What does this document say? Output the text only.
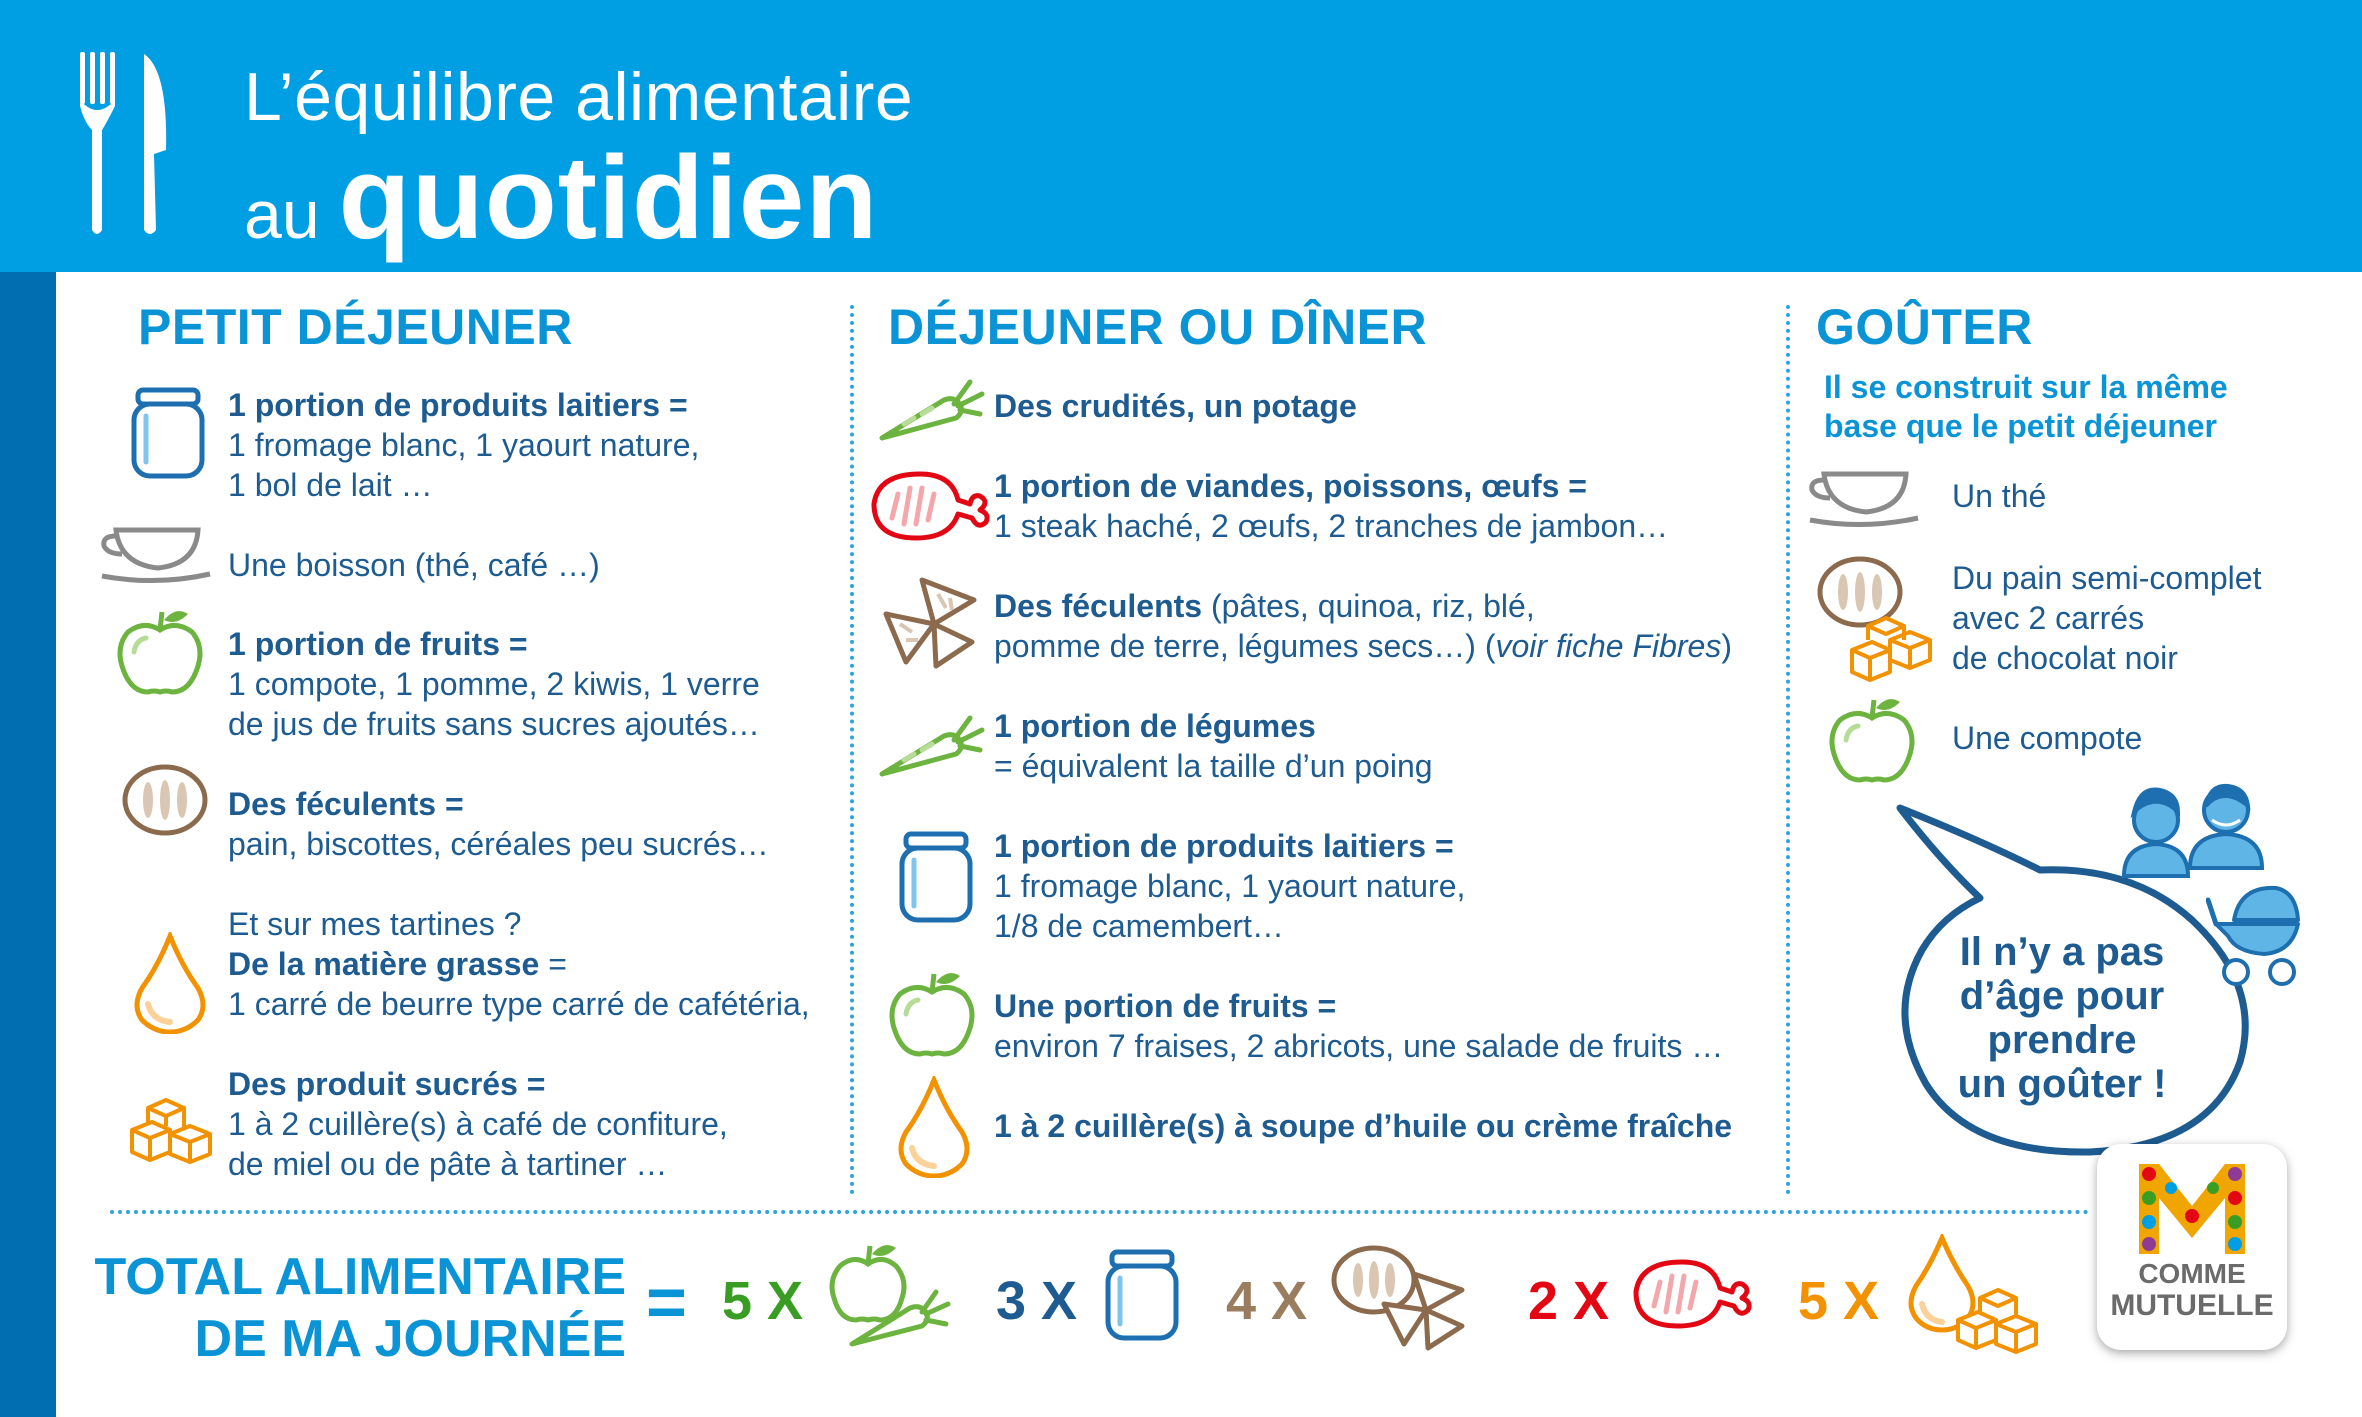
L’équilibre alimentaire
au quotidien
PETIT DÉJEUNER
1 portion de produits laitiers =
1 fromage blanc, 1 yaourt nature,
1 bol de lait …
Une boisson (thé, café …)
1 portion de fruits =
1 compote, 1 pomme, 2 kiwis, 1 verre
de jus de fruits sans sucres ajoutés…
Des féculents =
pain, biscottes, céréales peu sucrés…
Et sur mes tartines ?
De la matière grasse =
1 carré de beurre type carré de cafétéria,
Des produit sucrés =
1 à 2 cuillère(s) à café de confiture,
de miel ou de pâte à tartiner …
DÉJEUNER OU DÎNER
Des crudités, un potage
1 portion de viandes, poissons, œufs =
1 steak haché, 2 œufs, 2 tranches de jambon…
Des féculents (pâtes, quinoa, riz, blé,
pomme de terre, légumes secs…) (voir fiche Fibres)
1 portion de légumes
= équivalent la taille d’un poing
1 portion de produits laitiers =
1 fromage blanc, 1 yaourt nature,
1/8 de camembert…
Une portion de fruits =
environ 7 fraises, 2 abricots, une salade de fruits …
1 à 2 cuillère(s) à soupe d’huile ou crème fraîche
GOÛTER
Il se construit sur la même
base que le petit déjeuner
Un thé
Du pain semi-complet
avec 2 carrés
de chocolat noir
Une compote
Il n’y a pas
d’âge pour
prendre
un goûter !
TOTAL ALIMENTAIRE
DE MA JOURNÉE = 5 X	3 X	4 X	2 X	5 X	COMME
MUTUELLE
